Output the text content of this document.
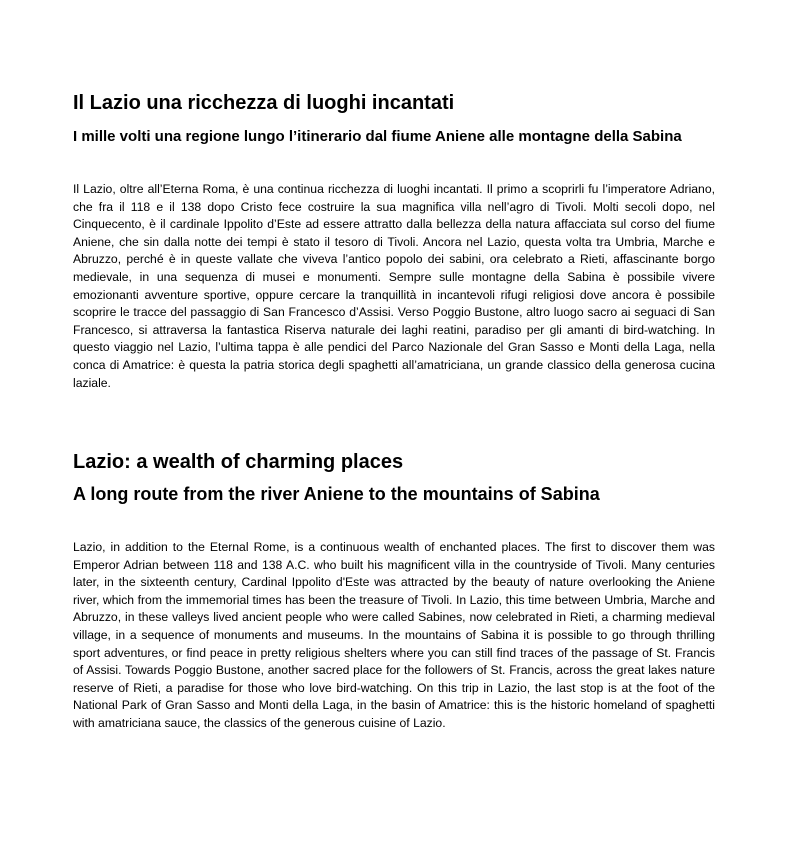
Il Lazio una ricchezza di luoghi incantati
I mille volti una regione lungo l’itinerario dal fiume Aniene alle montagne della Sabina

Il Lazio, oltre all’Eterna Roma, è una continua ricchezza di luoghi incantati. Il primo a scoprirli fu l’imperatore Adriano, che fra il 118 e il 138 dopo Cristo fece costruire la sua magnifica villa nell’agro di Tivoli. Molti secoli dopo, nel Cinquecento, è il cardinale Ippolito d’Este ad essere attratto dalla bellezza della natura affacciata sul corso del fiume Aniene, che sin dalla notte dei tempi è stato il tesoro di Tivoli. Ancora nel Lazio, questa volta tra Umbria, Marche e Abruzzo, perché è in queste vallate che viveva l’antico popolo dei sabini, ora celebrato a Rieti, affascinante borgo medievale, in una sequenza di musei e monumenti. Sempre sulle montagne della Sabina è possibile vivere emozionanti avventure sportive, oppure cercare la tranquillità in incantevoli rifugi religiosi dove ancora è possibile scoprire le tracce del passaggio di San Francesco d’Assisi. Verso Poggio Bustone, altro luogo sacro ai seguaci di San Francesco, si attraversa la fantastica Riserva naturale dei laghi reatini, paradiso per gli amanti di bird-watching. In questo viaggio nel Lazio, l’ultima tappa è alle pendici del Parco Nazionale del Gran Sasso e Monti della Laga, nella conca di Amatrice: è questa la patria storica degli spaghetti all’amatriciana, un grande classico della generosa cucina laziale.

Lazio: a wealth of charming places
A long route from the river Aniene to the mountains of Sabina

Lazio, in addition to the Eternal Rome, is a continuous wealth of enchanted places. The first to discover them was Emperor Adrian between 118 and 138 A.C. who built his magnificent villa in the countryside of Tivoli. Many centuries later, in the sixteenth century, Cardinal Ippolito d'Este was attracted by the beauty of nature overlooking the Aniene river, which from the immemorial times has been the treasure of Tivoli. In Lazio, this time between Umbria, Marche and Abruzzo, in these valleys lived ancient people who were called Sabines, now celebrated in Rieti, a charming medieval village, in a sequence of monuments and museums. In the mountains of Sabina it is possible to go through thrilling sport adventures, or find peace in pretty religious shelters where you can still find traces of the passage of St. Francis of Assisi. Towards Poggio Bustone, another sacred place for the followers of St. Francis, across the great lakes nature reserve of Rieti, a paradise for those who love bird-watching. On this trip in Lazio, the last stop is at the foot of the National Park of Gran Sasso and Monti della Laga, in the basin of Amatrice: this is the historic homeland of spaghetti with amatriciana sauce, the classics of the generous cuisine of Lazio.
